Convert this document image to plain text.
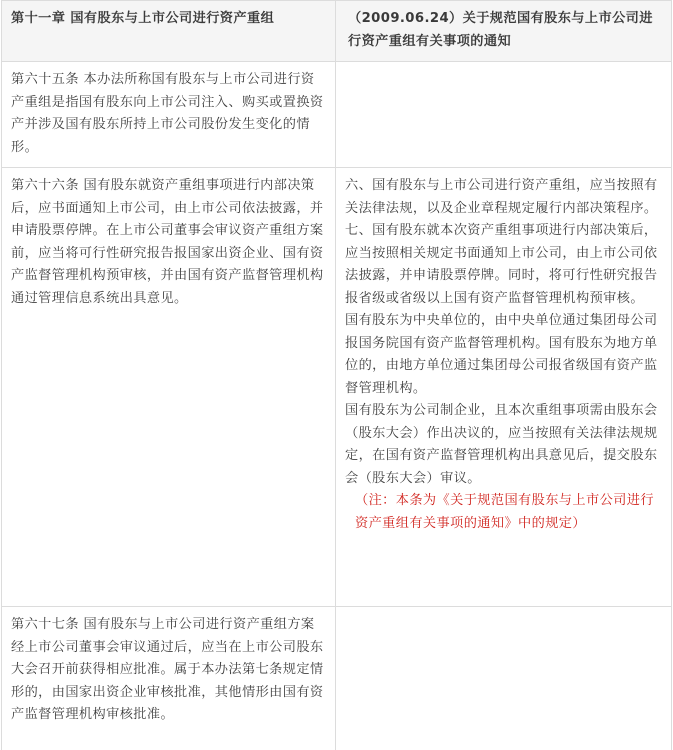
第十一章 国有股东与上市公司进行资产重组	（2009.06.24）关于规范国有股东与上市公司进行资产重组有关事项的通知
第六十五条 本办法所称国有股东与上市公司进行资产重组是指国有股东向上市公司注入、购买或置换资产并涉及国有股东所持上市公司股份发生变化的情形。	
第六十六条 国有股东就资产重组事项进行内部决策后，应书面通知上市公司，由上市公司依法披露，并申请股票停牌。在上市公司董事会审议资产重组方案前，应当将可行性研究报告报国家出资企业、国有资产监督管理机构预审核，并由国有资产监督管理机构通过管理信息系统出具意见。	六、国有股东与上市公司进行资产重组，应当按照有关法律法规，以及企业章程规定履行内部决策程序。

七、国有股东就本次资产重组事项进行内部决策后，应当按照相关规定书面通知上市公司，由上市公司依法披露，并申请股票停牌。同时，将可行性研究报告报省级或省级以上国有资产监督管理机构预审核。

国有股东为中央单位的，由中央单位通过集团母公司报国务院国有资产监督管理机构。国有股东为地方单位的，由地方单位通过集团母公司报省级国有资产监督管理机构。

国有股东为公司制企业，且本次重组事项需由股东会（股东大会）作出决议的，应当按照有关法律法规规定，在国有资产监督管理机构出具意见后，提交股东会（股东大会）审议。

（注：本条为《关于规范国有股东与上市公司进行资产重组有关事项的通知》中的规定）

第六十七条 国有股东与上市公司进行资产重组方案经上市公司董事会审议通过后，应当在上市公司股东大会召开前获得相应批准。属于本办法第七条规定情形的，由国家出资企业审核批准，其他情形由国有资产监督管理机构审核批准。	
